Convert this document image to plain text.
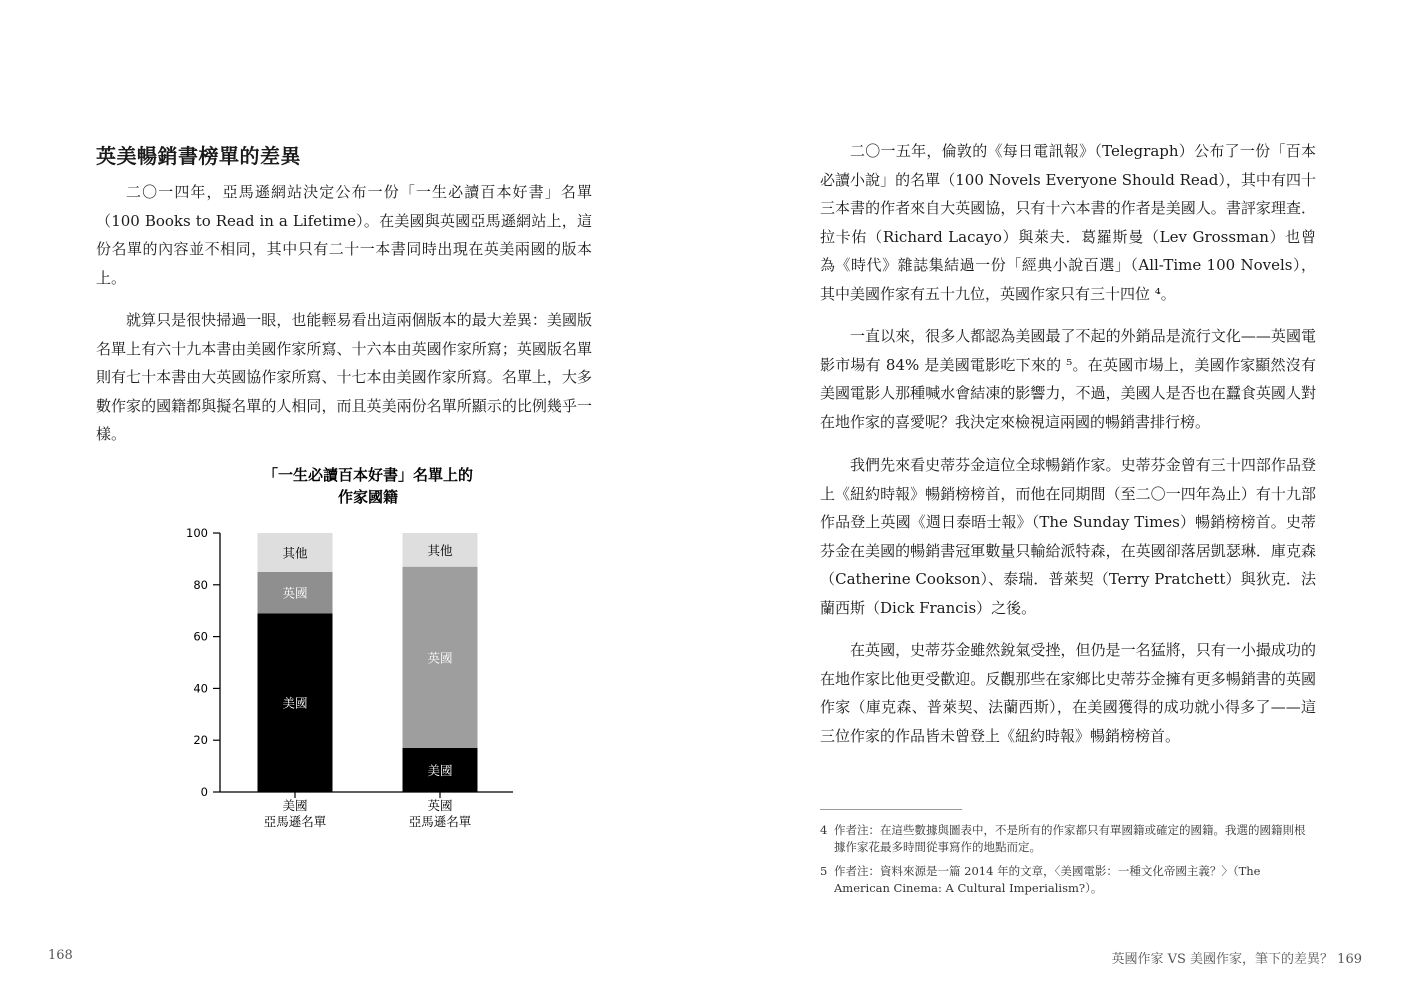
英美暢銷書榜單的差異

二〇一四年，亞馬遜網站決定公布一份「一生必讀百本好書」名單（100 Books to Read in a Lifetime）。在美國與英國亞馬遜網站上，這份名單的內容並不相同，其中只有二十一本書同時出現在英美兩國的版本上。

就算只是很快掃過一眼，也能輕易看出這兩個版本的最大差異：美國版名單上有六十九本書由美國作家所寫、十六本由英國作家所寫；英國版名單則有七十本書由大英國協作家所寫、十七本由美國作家所寫。名單上，大多數作家的國籍都與擬名單的人相同，而且英美兩份名單所顯示的比例幾乎一樣。

「一生必讀百本好書」名單上的
作家國籍
0
20
40
60
80
100
美國
英國
其他
美國
亞馬遜名單
美國
英國
其他
英國
亞馬遜名單
168

二〇一五年，倫敦的《每日電訊報》（Telegraph）公布了一份「百本必讀小說」的名單（100 Novels Everyone Should Read），其中有四十三本書的作者來自大英國協，只有十六本書的作者是美國人。書評家理查．拉卡佑（Richard Lacayo）與萊夫．葛羅斯曼（Lev Grossman）也曾為《時代》雜誌集結過一份「經典小說百選」（All-Time 100 Novels），其中美國作家有五十九位，英國作家只有三十四位 ⁴。

一直以來，很多人都認為美國最了不起的外銷品是流行文化——英國電影市場有 84% 是美國電影吃下來的 ⁵。在英國市場上，美國作家顯然沒有美國電影人那種喊水會結凍的影響力，不過，美國人是否也在蠶食英國人對在地作家的喜愛呢？我決定來檢視這兩國的暢銷書排行榜。

我們先來看史蒂芬金這位全球暢銷作家。史蒂芬金曾有三十四部作品登上《紐約時報》暢銷榜榜首，而他在同期間（至二〇一四年為止）有十九部作品登上英國《週日泰晤士報》（The Sunday Times）暢銷榜榜首。史蒂芬金在美國的暢銷書冠軍數量只輸給派特森，在英國卻落居凱瑟琳．庫克森（Catherine Cookson）、泰瑞．普萊契（Terry Pratchett）與狄克．法蘭西斯（Dick Francis）之後。

在英國，史蒂芬金雖然銳氣受挫，但仍是一名猛將，只有一小撮成功的在地作家比他更受歡迎。反觀那些在家鄉比史蒂芬金擁有更多暢銷書的英國作家（庫克森、普萊契、法蘭西斯），在美國獲得的成功就小得多了——這三位作家的作品皆未曾登上《紐約時報》暢銷榜榜首。

4 作者注：在這些數據與圖表中，不是所有的作家都只有單國籍或確定的國籍。我選的國籍則根據作家花最多時間從事寫作的地點而定。
5 作者注：資料來源是一篇 2014 年的文章，〈美國電影：一種文化帝國主義？〉（The American Cinema: A Cultural Imperialism?）。
英國作家 VS 美國作家，筆下的差異？ 169
